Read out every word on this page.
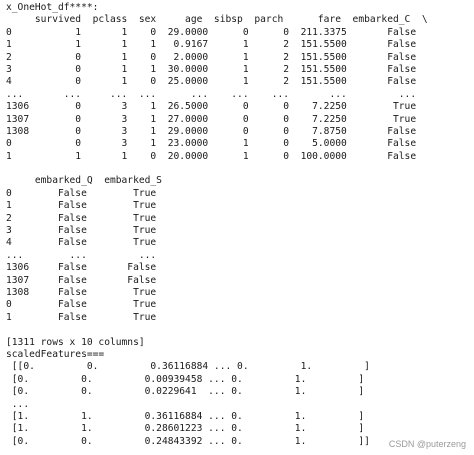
x_OneHot_df****:
survived  pclass  sex     age  sibsp  parch      fare  embarked_C  \
0           1       1    0  29.0000      0      0  211.3375       False
1           1       1    1   0.9167      1      2  151.5500       False
2           0       1    0   2.0000      1      2  151.5500       False
3           0       1    1  30.0000      1      2  151.5500       False
4           0       1    0  25.0000      1      2  151.5500       False
...       ...     ...  ...      ...    ...    ...       ...         ...
1306        0       3    1  26.5000      0      0    7.2250        True
1307        0       3    1  27.0000      0      0    7.2250        True
1308        0       3    1  29.0000      0      0    7.8750       False
0           0       3    1  23.0000      1      0    5.0000       False
1           1       1    0  20.0000      1      0  100.0000       False
embarked_Q  embarked_S
0        False        True
1        False        True
2        False        True
3        False        True
4        False        True
...        ...         ...
1306     False       False
1307     False       False
1308     False        True
0        False        True
1        False        True
[1311 rows x 10 columns]
scaledFeatures===
[[0.         0.         0.36116884 ... 0.         1.         ]
[0.         0.         0.00939458 ... 0.         1.         ]
[0.         0.         0.0229641  ... 0.         1.         ]
...
[1.         1.         0.36116884 ... 0.         1.         ]
[1.         1.         0.28601223 ... 0.         1.         ]
[0.         0.         0.24843392 ... 0.         1.         ]]	CSDN @puterzeng
